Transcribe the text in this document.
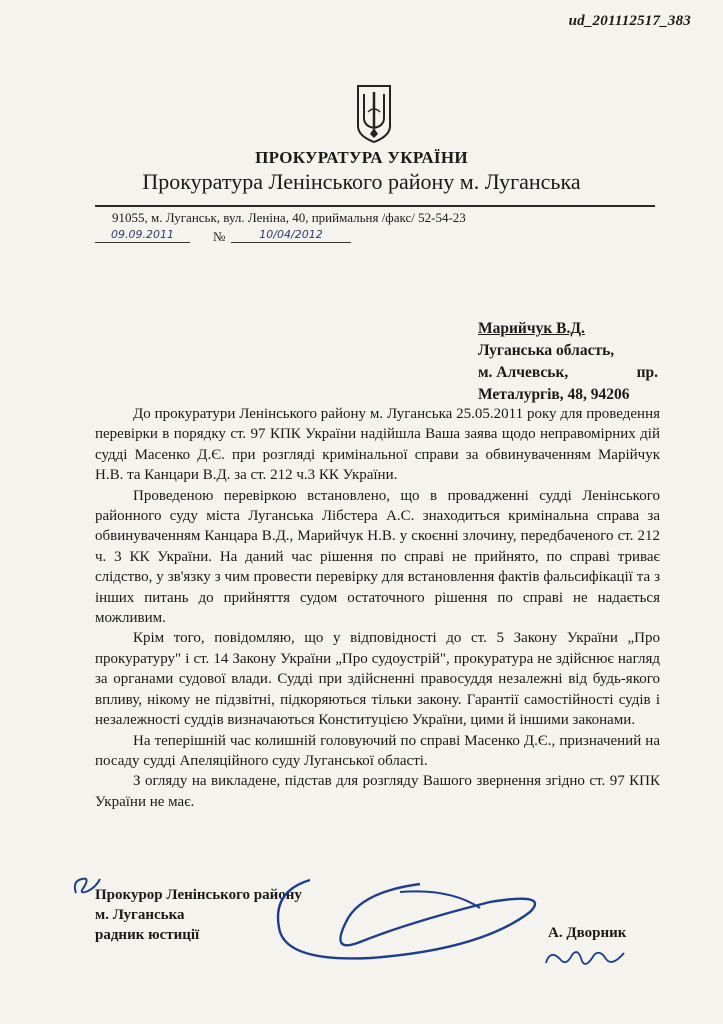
ud_201112517_383
ПРОКУРАТУРА УКРАЇНИ
Прокуратура Ленінського району м. Луганська
91055, м. Луганськ, вул. Леніна, 40, приймальня /факс/ 52-54-23
09.09.2011	№	10/04/2012
Марийчук В.Д.
Луганська область,
м. Алчевськ,	пр.
Металургів, 48, 94206

До прокуратури Ленінського району м. Луганська 25.05.2011 року для проведення перевірки в порядку ст. 97 КПК України надійшла Ваша заява щодо неправомірних дій судді Масенко Д.Є. при розгляді кримінальної справи за обвинуваченням Марійчук Н.В. та Канцари В.Д. за ст. 212 ч.3 КК України.

Проведеною перевіркою встановлено, що в провадженні судді Ленінського районного суду міста Луганська Лібстера А.С. знаходиться кримінальна справа за обвинуваченням Канцара В.Д., Марийчук Н.В. у скоєнні злочину, передбаченого ст. 212 ч. 3 КК України. На даний час рішення по справі не прийнято, по справі триває слідство, у зв'язку з чим провести перевірку для встановлення фактів фальсифікації та з інших питань до прийняття судом остаточного рішення по справі не надається можливим.

Крім того, повідомляю, що у відповідності до ст. 5 Закону України „Про прокуратуру" і ст. 14 Закону України „Про судоустрій", прокуратура не здійснює нагляд за органами судової влади. Судді при здійсненні правосуддя незалежні від будь-якого впливу, нікому не підзвітні, підкоряються тільки закону. Гарантії самостійності судів і незалежності суддів визначаються Конституцією України, цими й іншими законами.

На теперішній час колишній головуючий по справі Масенко Д.Є., призначений на посаду судді Апеляційного суду Луганської області.

З огляду на викладене, підстав для розгляду Вашого звернення згідно ст. 97 КПК України не має.

Прокурор Ленінського району
м. Луганська
радник юстиції	А. Дворник
